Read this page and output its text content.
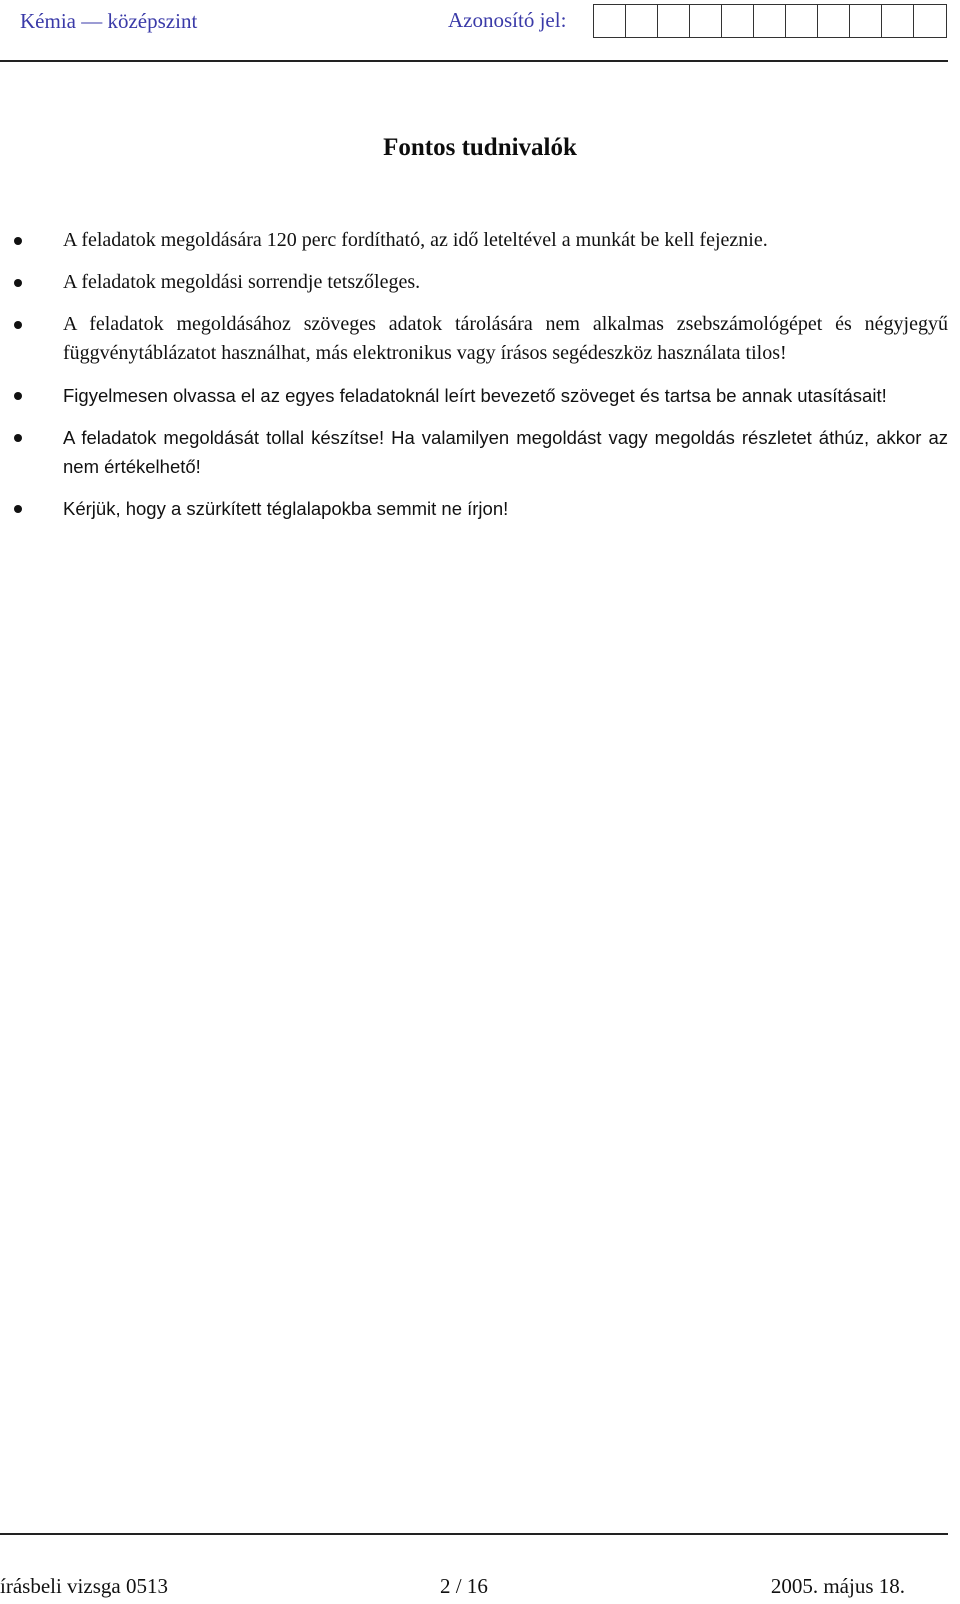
Kémia — középszint	Azonosító jel:
Fontos tudnivalók
A feladatok megoldására 120 perc fordítható, az idő leteltével a munkát be kell fejeznie.
A feladatok megoldási sorrendje tetszőleges.
A feladatok megoldásához szöveges adatok tárolására nem alkalmas zsebszámológépet és négyjegyű függvénytáblázatot használhat, más elektronikus vagy írásos segédeszköz használata tilos!
Figyelmesen olvassa el az egyes feladatoknál leírt bevezető szöveget és tartsa be annak utasításait!
A feladatok megoldását tollal készítse! Ha valamilyen megoldást vagy megoldás részletet áthúz, akkor az nem értékelhető!
Kérjük, hogy a szürkített téglalapokba semmit ne írjon!
írásbeli vizsga 0513	2 / 16	2005. május 18.
